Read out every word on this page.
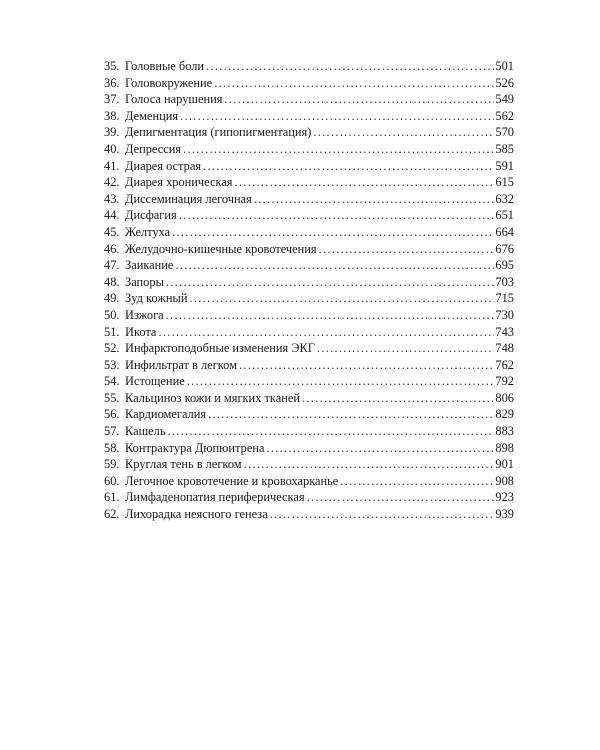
35. Головные боли .....	501
36. Головокружение .....	526
37. Голоса нарушения .....	549
38. Деменция .....	562
39. Депигментация (гипопигментация) .....	570
40. Депрессия .....	585
41. Диарея острая .....	591
42. Диарея хроническая .....	615
43. Диссеминация легочная .....	632
44. Дисфагия .....	651
45. Желтуха .....	664
46. Желудочно-кишечные кровотечения .....	676
47. Заикание .....	695
48. Запоры .....	703
49. Зуд кожный .....	715
50. Изжога .....	730
51. Икота .....	743
52. Инфарктоподобные изменения ЭКГ .....	748
53. Инфильтрат в легком .....	762
54. Истощение .....	792
55. Кальциноз кожи и мягких тканей .....	806
56. Кардиомегалия .....	829
57. Кашель .....	883
58. Контрактура Дюпюитрена .....	898
59. Круглая тень в легком .....	901
60. Легочное кровотечение и кровохарканье .....	908
61. Лимфаденопатия периферическая .....	923
62. Лихорадка неясного генеза .....	939
